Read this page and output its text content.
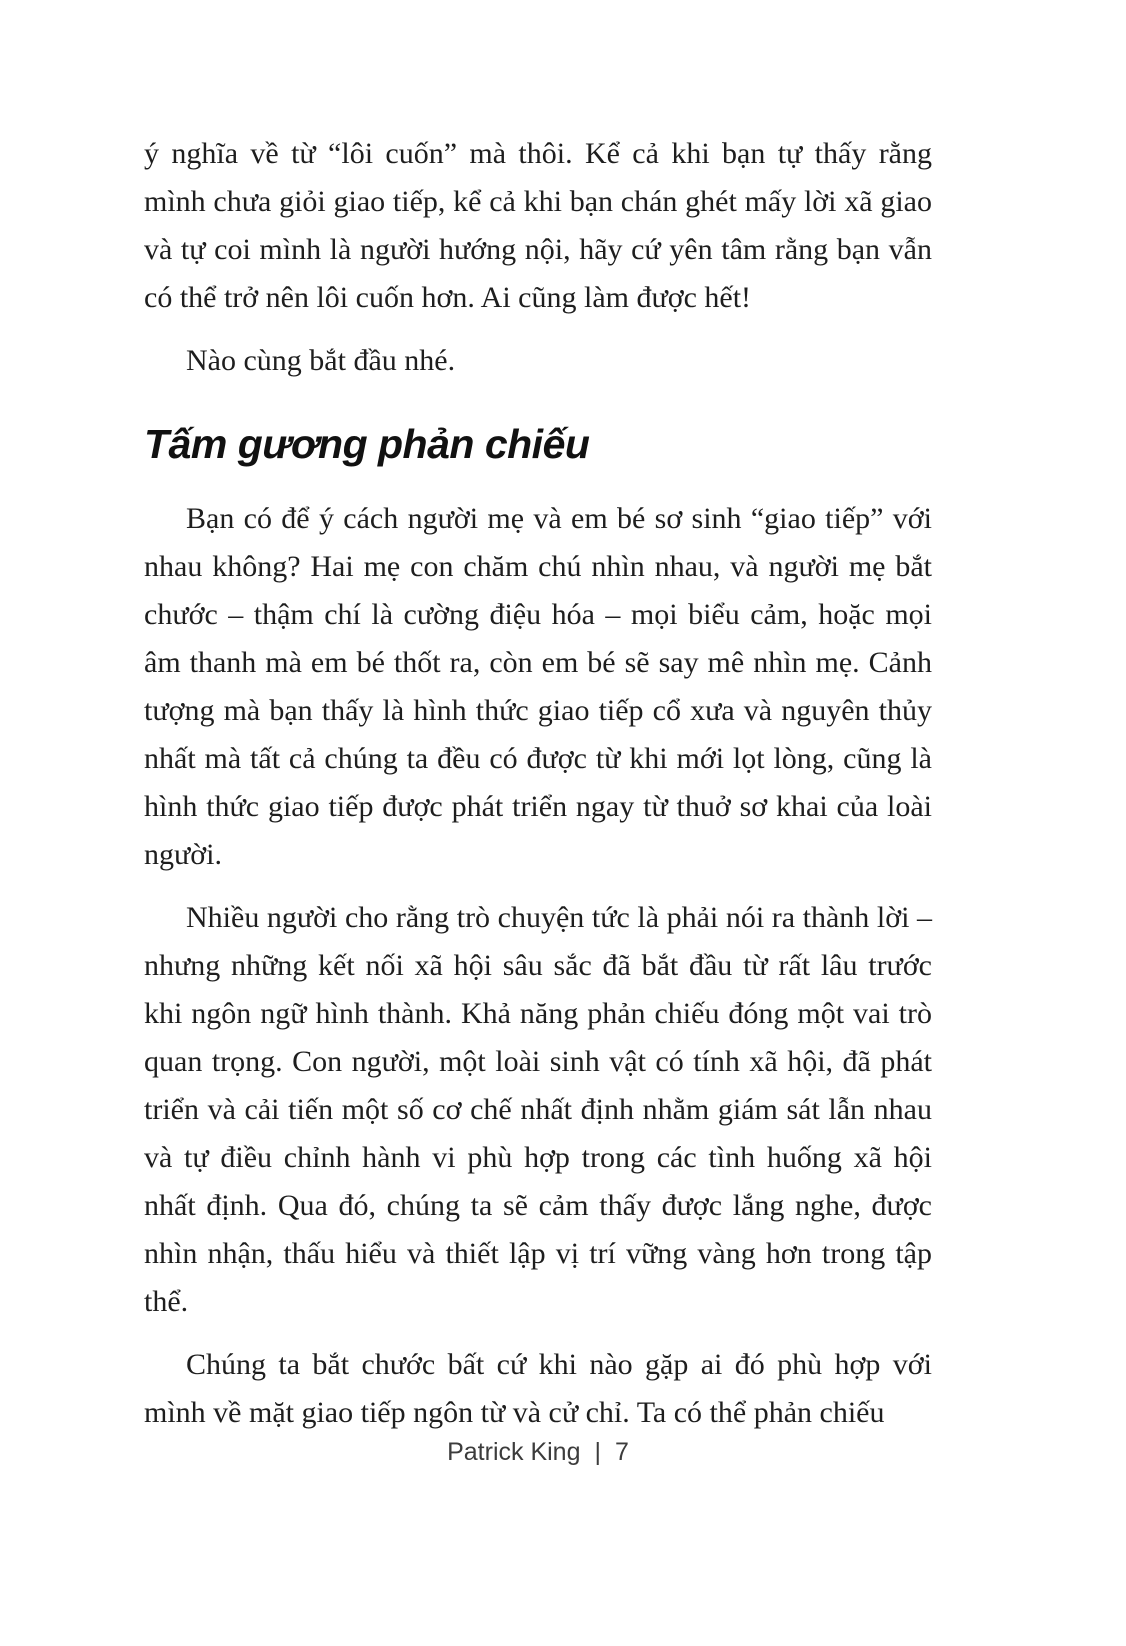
ý nghĩa về từ “lôi cuốn” mà thôi. Kể cả khi bạn tự thấy rằng mình chưa giỏi giao tiếp, kể cả khi bạn chán ghét mấy lời xã giao và tự coi mình là người hướng nội, hãy cứ yên tâm rằng bạn vẫn có thể trở nên lôi cuốn hơn. Ai cũng làm được hết!

Nào cùng bắt đầu nhé.

Tấm gương phản chiếu

Bạn có để ý cách người mẹ và em bé sơ sinh “giao tiếp” với nhau không? Hai mẹ con chăm chú nhìn nhau, và người mẹ bắt chước – thậm chí là cường điệu hóa – mọi biểu cảm, hoặc mọi âm thanh mà em bé thốt ra, còn em bé sẽ say mê nhìn mẹ. Cảnh tượng mà bạn thấy là hình thức giao tiếp cổ xưa và nguyên thủy nhất mà tất cả chúng ta đều có được từ khi mới lọt lòng, cũng là hình thức giao tiếp được phát triển ngay từ thuở sơ khai của loài người.

Nhiều người cho rằng trò chuyện tức là phải nói ra thành lời – nhưng những kết nối xã hội sâu sắc đã bắt đầu từ rất lâu trước khi ngôn ngữ hình thành. Khả năng phản chiếu đóng một vai trò quan trọng. Con người, một loài sinh vật có tính xã hội, đã phát triển và cải tiến một số cơ chế nhất định nhằm giám sát lẫn nhau và tự điều chỉnh hành vi phù hợp trong các tình huống xã hội nhất định. Qua đó, chúng ta sẽ cảm thấy được lắng nghe, được nhìn nhận, thấu hiểu và thiết lập vị trí vững vàng hơn trong tập thể.

Chúng ta bắt chước bất cứ khi nào gặp ai đó phù hợp với mình về mặt giao tiếp ngôn từ và cử chỉ. Ta có thể phản chiếu

Patrick King | 7
